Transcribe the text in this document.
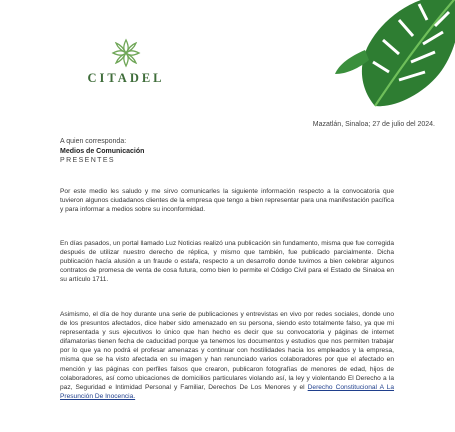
CITADEL
Mazatlán, Sinaloa; 27 de julio del 2024.
A quien corresponda:
Medios de Comunicación
PRESENTES

Por este medio les saludo y me sirvo comunicarles la siguiente información respecto a la convocatoria que tuvieron algunos ciudadanos clientes de la empresa que tengo a bien representar para una manifestación pacífica y para informar a medios sobre su inconformidad.

En días pasados, un portal llamado Luz Noticias realizó una publicación sin fundamento, misma que fue corregida después de utilizar nuestro derecho de réplica, y mismo que también, fue publicado parcialmente. Dicha publicación hacía alusión a un fraude o estafa, respecto a un desarrollo donde tuvimos a bien celebrar algunos contratos de promesa de venta de cosa futura, como bien lo permite el Código Civil para el Estado de Sinaloa en su artículo 1711.

Asimismo, el día de hoy durante una serie de publicaciones y entrevistas en vivo por redes sociales, donde uno de los presuntos afectados, dice haber sido amenazado en su persona, siendo esto totalmente falso, ya que mi representada y sus ejecutivos lo único que han hecho es decir que su convocatoria y páginas de internet difamatorias tienen fecha de caducidad porque ya tenemos los documentos y estudios que nos permiten trabajar por lo que ya no podrá el profesar amenazas y continuar con hostilidades hacia los empleados y la empresa, misma que se ha visto afectada en su imagen y han renunciado varios colaboradores por que el afectado en mención y las páginas con perfiles falsos que crearon, publicaron fotografías de menores de edad, hijos de colaboradores, así como ubicaciones de domicilios particulares violando así, la ley y violentando El Derecho a la paz, Seguridad e Intimidad Personal y Familiar, Derechos De Los Menores y el Derecho Constitucional A La Presunción De Inocencia.
